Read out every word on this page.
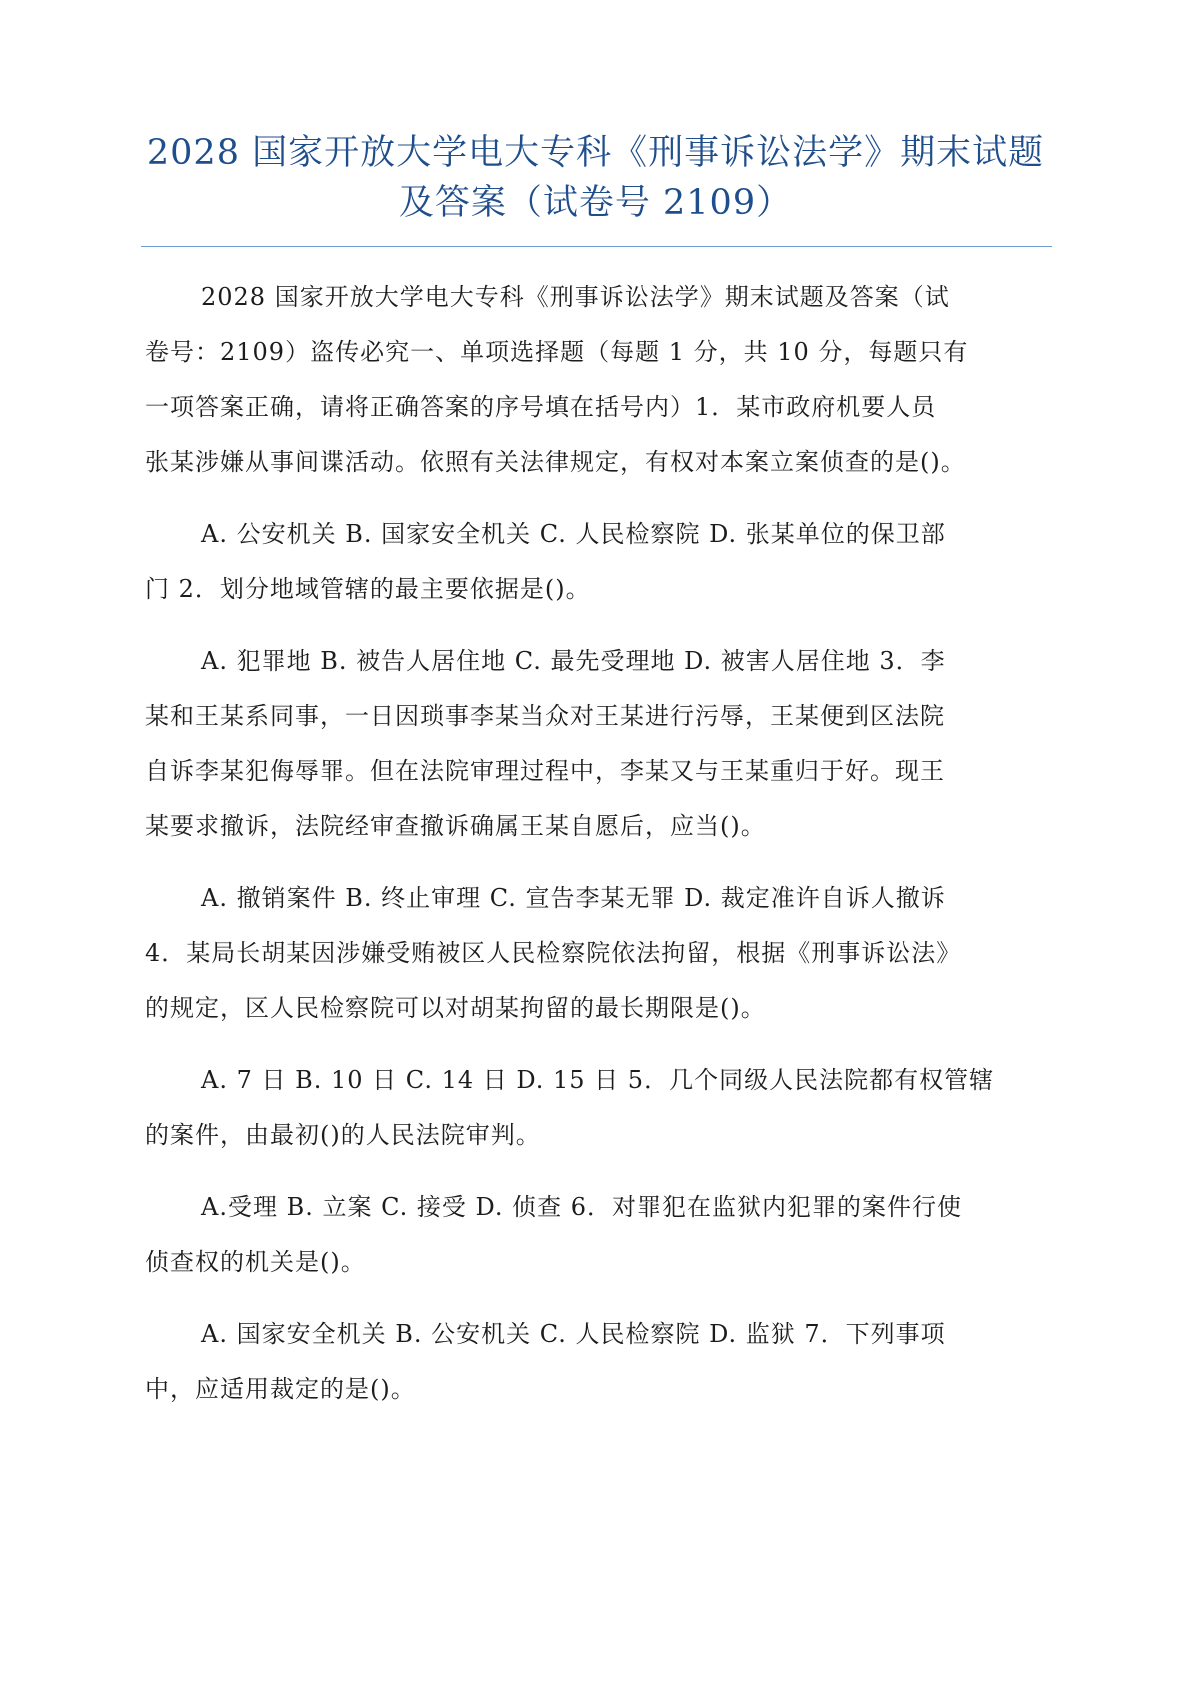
2028 国家开放大学电大专科《刑事诉讼法学》期末试题
及答案（试卷号 2109）

2028 国家开放大学电大专科《刑事诉讼法学》期末试题及答案（试
卷号：2109）盗传必究一、单项选择题（每题 1 分，共 10 分，每题只有
一项答案正确，请将正确答案的序号填在括号内）1．某市政府机要人员
张某涉嫌从事间谍活动。依照有关法律规定，有权对本案立案侦查的是()。

A. 公安机关 B. 国家安全机关 C. 人民检察院 D. 张某单位的保卫部
门 2．划分地域管辖的最主要依据是()。

A. 犯罪地 B. 被告人居住地 C. 最先受理地 D. 被害人居住地 3．李
某和王某系同事，一日因琐事李某当众对王某进行污辱，王某便到区法院
自诉李某犯侮辱罪。但在法院审理过程中，李某又与王某重归于好。现王
某要求撤诉，法院经审查撤诉确属王某自愿后，应当()。

A. 撤销案件 B. 终止审理 C. 宣告李某无罪 D. 裁定准许自诉人撤诉
4．某局长胡某因涉嫌受贿被区人民检察院依法拘留，根据《刑事诉讼法》
的规定，区人民检察院可以对胡某拘留的最长期限是()。

A. 7 日 B. 10 日 C. 14 日 D. 15 日 5．几个同级人民法院都有权管辖
的案件，由最初()的人民法院审判。

A.受理 B. 立案 C. 接受 D. 侦查 6．对罪犯在监狱内犯罪的案件行使
侦查权的机关是()。

A. 国家安全机关 B. 公安机关 C. 人民检察院 D. 监狱 7．下列事项
中，应适用裁定的是()。
